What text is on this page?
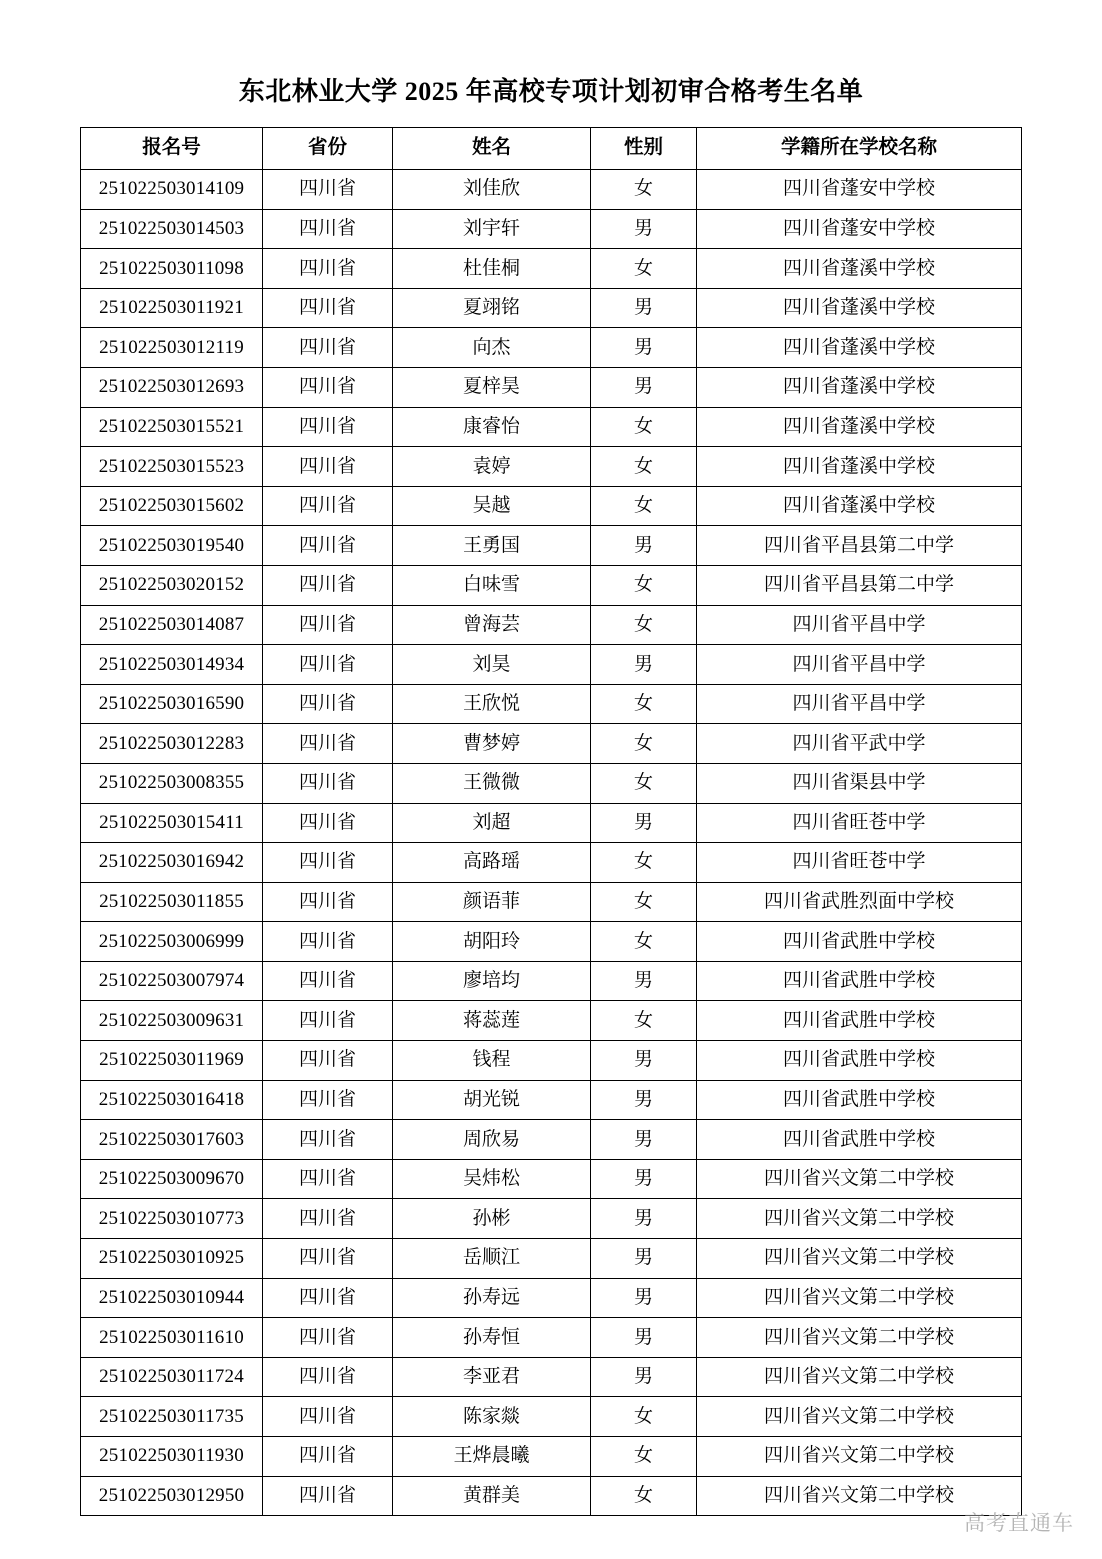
东北林业大学 2025 年高校专项计划初审合格考生名单
报名号	省份	姓名	性别	学籍所在学校名称
251022503014109	四川省	刘佳欣	女	四川省蓬安中学校
251022503014503	四川省	刘宇轩	男	四川省蓬安中学校
251022503011098	四川省	杜佳桐	女	四川省蓬溪中学校
251022503011921	四川省	夏翊铭	男	四川省蓬溪中学校
251022503012119	四川省	向杰	男	四川省蓬溪中学校
251022503012693	四川省	夏梓昊	男	四川省蓬溪中学校
251022503015521	四川省	康睿怡	女	四川省蓬溪中学校
251022503015523	四川省	袁婷	女	四川省蓬溪中学校
251022503015602	四川省	吴越	女	四川省蓬溪中学校
251022503019540	四川省	王勇国	男	四川省平昌县第二中学
251022503020152	四川省	白味雪	女	四川省平昌县第二中学
251022503014087	四川省	曾海芸	女	四川省平昌中学
251022503014934	四川省	刘昊	男	四川省平昌中学
251022503016590	四川省	王欣悦	女	四川省平昌中学
251022503012283	四川省	曹梦婷	女	四川省平武中学
251022503008355	四川省	王微微	女	四川省渠县中学
251022503015411	四川省	刘超	男	四川省旺苍中学
251022503016942	四川省	高路瑶	女	四川省旺苍中学
251022503011855	四川省	颜语菲	女	四川省武胜烈面中学校
251022503006999	四川省	胡阳玲	女	四川省武胜中学校
251022503007974	四川省	廖培均	男	四川省武胜中学校
251022503009631	四川省	蒋蕊莲	女	四川省武胜中学校
251022503011969	四川省	钱程	男	四川省武胜中学校
251022503016418	四川省	胡光锐	男	四川省武胜中学校
251022503017603	四川省	周欣易	男	四川省武胜中学校
251022503009670	四川省	吴炜松	男	四川省兴文第二中学校
251022503010773	四川省	孙彬	男	四川省兴文第二中学校
251022503010925	四川省	岳顺江	男	四川省兴文第二中学校
251022503010944	四川省	孙寿远	男	四川省兴文第二中学校
251022503011610	四川省	孙寿恒	男	四川省兴文第二中学校
251022503011724	四川省	李亚君	男	四川省兴文第二中学校
251022503011735	四川省	陈家燚	女	四川省兴文第二中学校
251022503011930	四川省	王烨晨曦	女	四川省兴文第二中学校
251022503012950	四川省	黄群美	女	四川省兴文第二中学校
高考直通车
